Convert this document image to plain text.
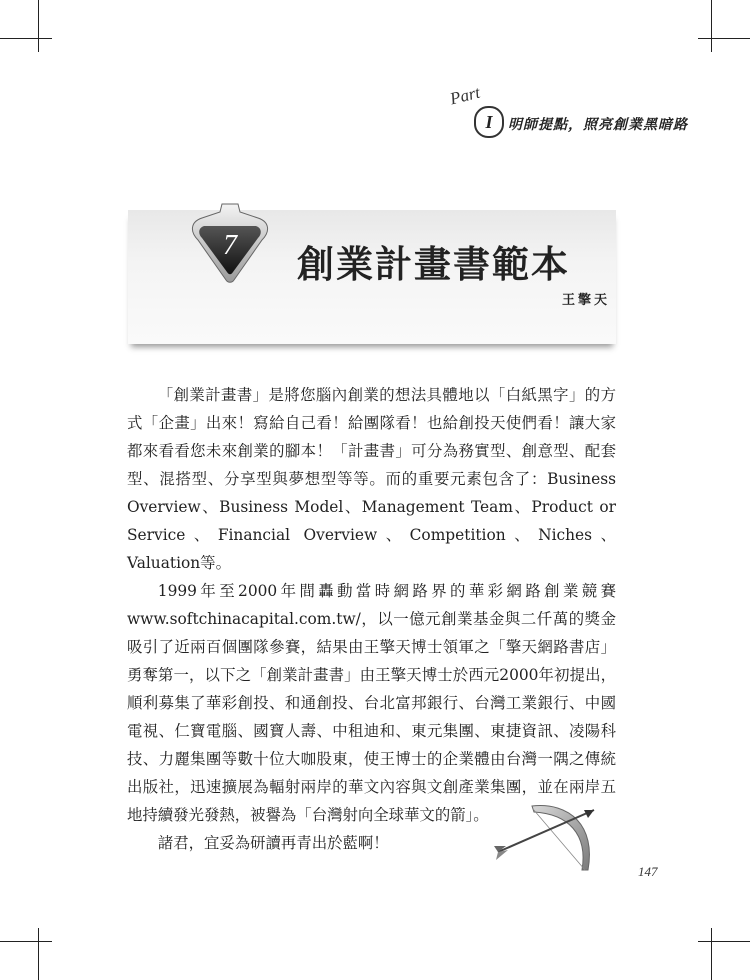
Part
I	明師提點，照亮創業黑暗路
7 創業計畫書範本
王擎天

「創業計畫書」是將您腦內創業的想法具體地以「白紙黑字」的方式「企畫」出來！寫給自己看！給團隊看！也給創投天使們看！讓大家都來看看您未來創業的腳本！「計畫書」可分為務實型、創意型、配套型、混搭型、分享型與夢想型等等。而的重要元素包含了：Business Overview、Business Model、Management Team、Product or Service、Financial Overview、Competition、Niches、Valuation等。

1999年至2000年間轟動當時網路界的華彩網路創業競賽www.softchinacapital.com.tw/，以一億元創業基金與二仟萬的獎金吸引了近兩百個團隊參賽，結果由王擎天博士領軍之「擎天網路書店」勇奪第一，以下之「創業計畫書」由王擎天博士於西元2000年初提出，順利募集了華彩創投、和通創投、台北富邦銀行、台灣工業銀行、中國電視、仁寶電腦、國寶人壽、中租迪和、東元集團、東捷資訊、凌陽科技、力麗集團等數十位大咖股東，使王博士的企業體由台灣一隅之傳統出版社，迅速擴展為輻射兩岸的華文內容與文創產業集團，並在兩岸五地持續發光發熱，被譽為「台灣射向全球華文的箭」。

諸君，宜妥為研讀再青出於藍啊！

147
